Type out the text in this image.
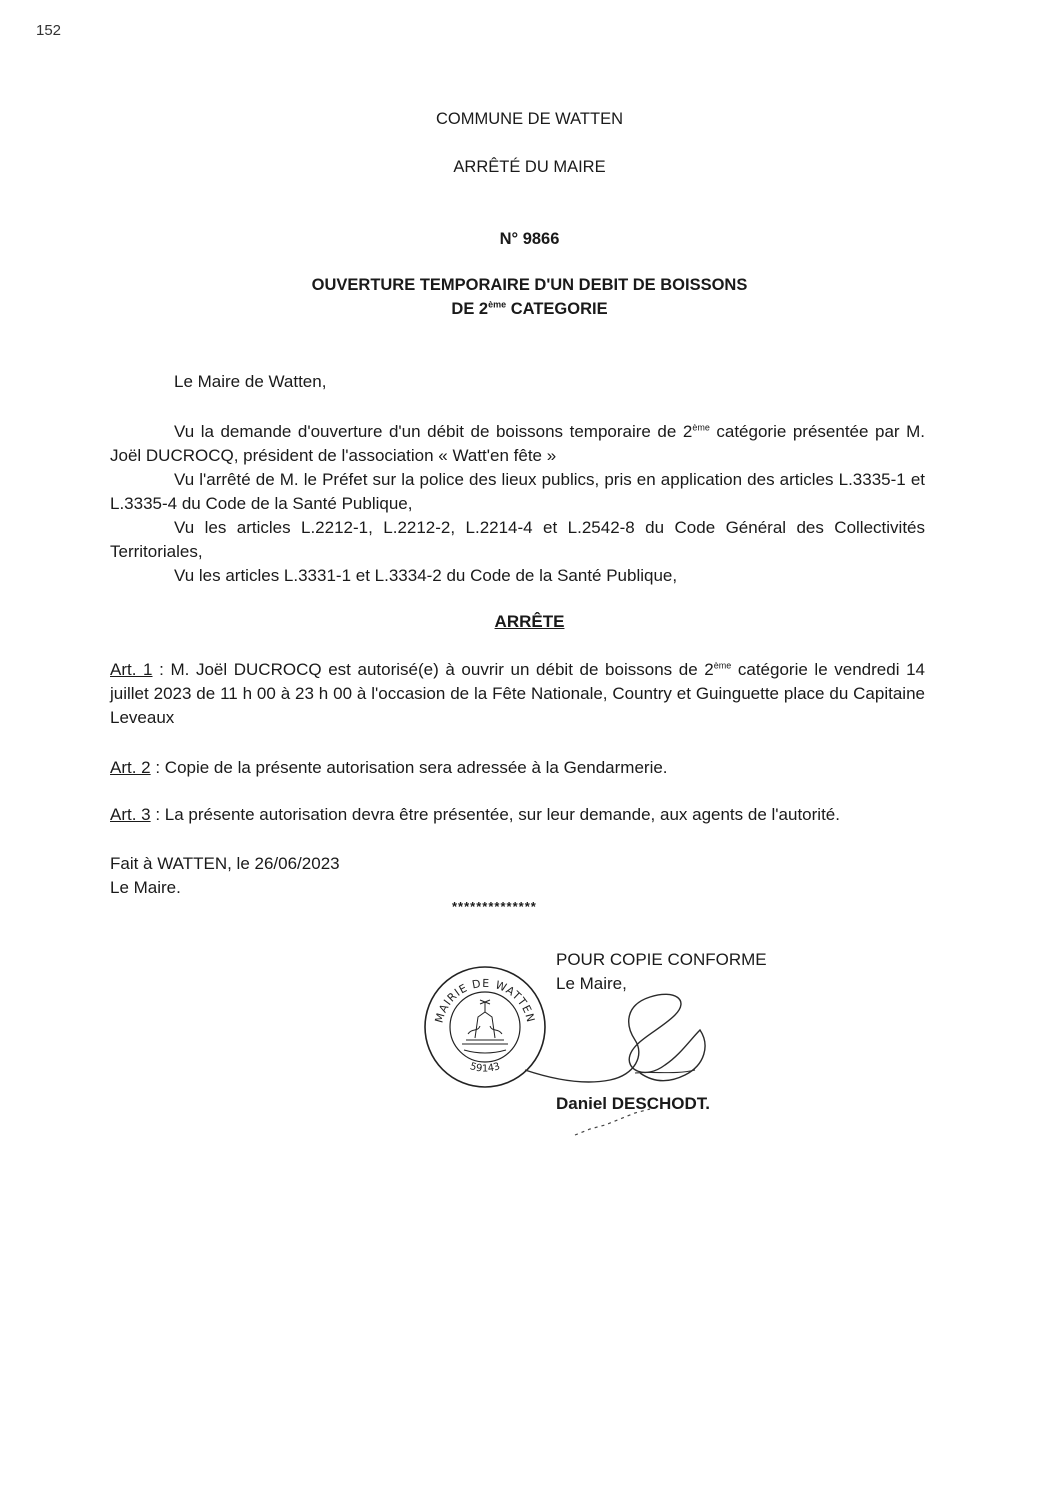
152
COMMUNE DE WATTEN
ARRÊTÉ DU MAIRE
N° 9866
OUVERTURE TEMPORAIRE D'UN DEBIT DE BOISSONS
DE 2ème CATEGORIE
Le Maire de Watten,
Vu la demande d'ouverture d'un débit de boissons temporaire de 2ème catégorie présentée par M. Joël DUCROCQ, président de l'association « Watt'en fête »
Vu l'arrêté de M. le Préfet sur la police des lieux publics, pris en application des articles L.3335-1 et L.3335-4 du Code de la Santé Publique,
Vu les articles L.2212-1, L.2212-2, L.2214-4 et L.2542-8 du Code Général des Collectivités Territoriales,
Vu les articles L.3331-1 et L.3334-2 du Code de la Santé Publique,
ARRÊTE
Art. 1 : M. Joël DUCROCQ est autorisé(e) à ouvrir un débit de boissons de 2ème catégorie le vendredi 14 juillet 2023 de 11 h 00 à 23 h 00 à l'occasion de la Fête Nationale, Country et Guinguette place du Capitaine Leveaux
Art. 2 : Copie de la présente autorisation sera adressée à la Gendarmerie.
Art. 3 : La présente autorisation devra être présentée, sur leur demande, aux agents de l'autorité.
Fait à WATTEN, le 26/06/2023
Le Maire.
**************
POUR COPIE CONFORME
Le Maire,
MAIRIE DE WATTEN
59143
Daniel DESCHODT.
